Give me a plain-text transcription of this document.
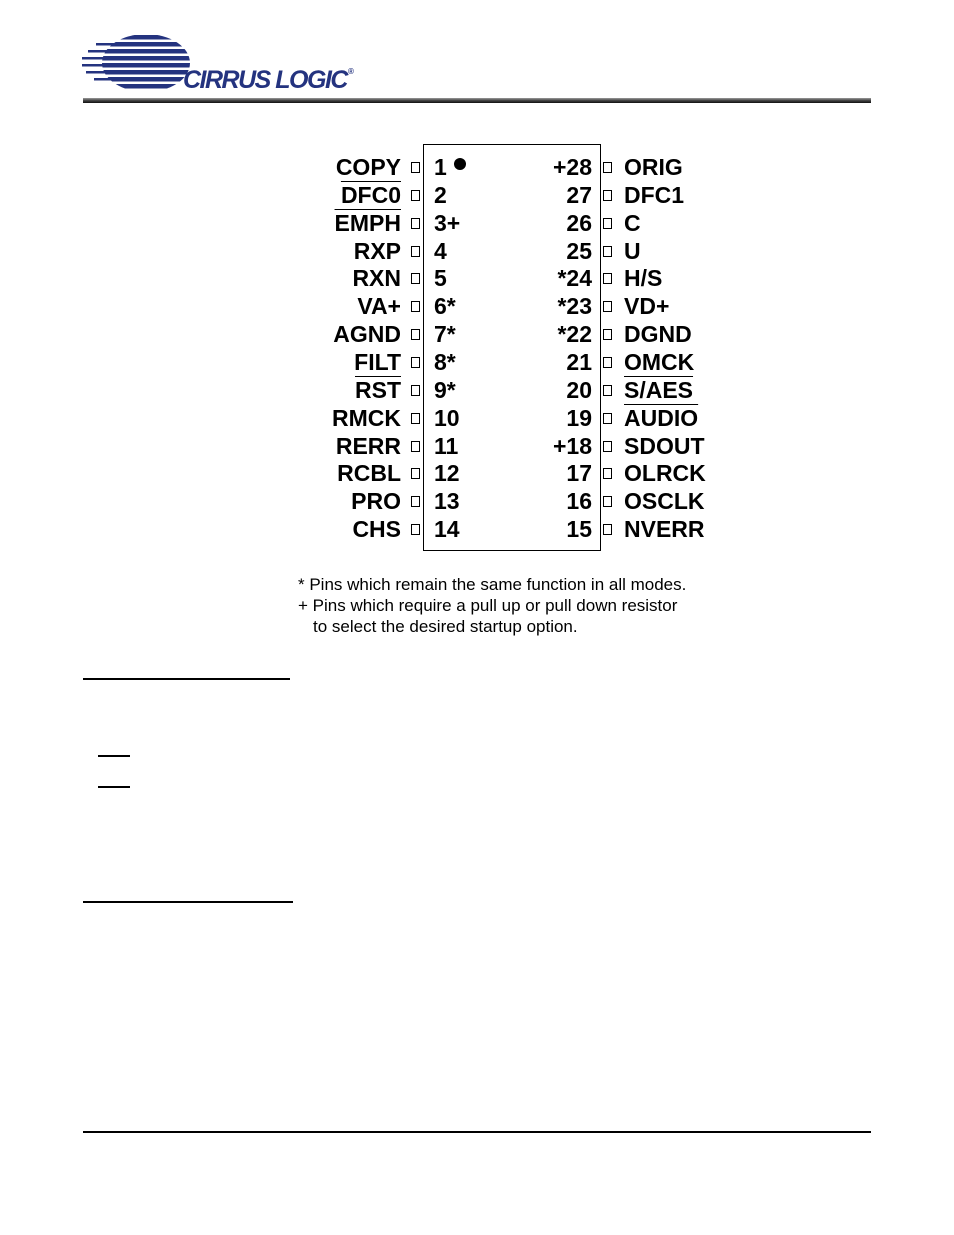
CIRRUS LOGIC®
COPY 1
DFC0 2
EMPH 3+
RXP 4
RXN 5
VA+ 6*
AGND 7*
FILT 8*
$\overline{RST}$ 9*
RMCK 10
RERR 11
RCBL 12
PRO 13
CHS 14
ORIG
+28
DFC1
27
C
26
U
25
H/S
*24
VD+
*23
DGND
*22
OMCK
21
S/AES
20
AUDIO
19
SDOUT
+18
OLRCK
17
OSCLK
16
NVERR
15
* Pins which remain the same function in all modes.
+ Pins which require a pull up or pull down resistor
to select the desired startup option.
